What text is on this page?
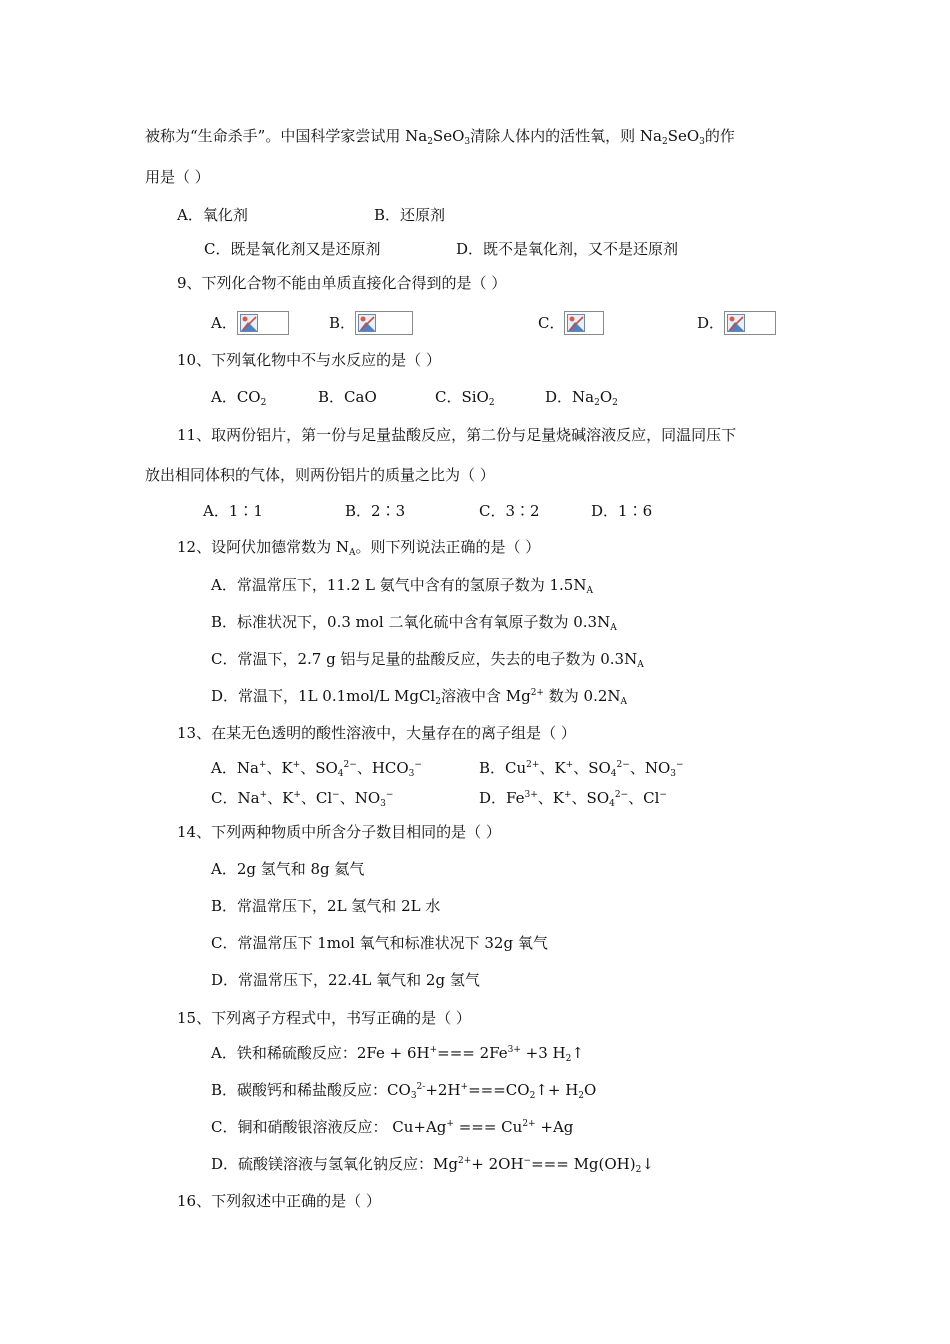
被称为“生命杀手”。中国科学家尝试用 $Na_2SeO_3$清除人体内的活性氧，则 $Na_2SeO_3$的作
用是（ ）
A．氧化剂	B．还原剂
C．既是氧化剂又是还原剂	D．既不是氧化剂，又不是还原剂
9、下列化合物不能由单质直接化合得到的是（ ）
A．	B．	C．	D．
10、下列氧化物中不与水反应的是（ ）
A．$CO_2$	B．CaO	C．SiO$_2$	D．$Na_2O_2$
11、取两份铝片，第一份与足量盐酸反应，第二份与足量烧碱溶液反应，同温同压下
放出相同体积的气体，则两份铝片的质量之比为（ ）
A．1∶1	B．2∶3	C．3∶2	D．1∶6
12、设阿伏加德常数为 $N_A$。则下列说法正确的是（ ）
A．常温常压下，11.2 L 氨气中含有的氢原子数为 $1.5N_A$
B．标准状况下，0.3 mol 二氧化硫中含有氧原子数为 $0.3N_A$
C．常温下，2.7 g 铝与足量的盐酸反应，失去的电子数为 $0.3N_A$
D．常温下，1L 0.1mol/L MgCl$_2$溶液中含 $Mg^{2+}$ 数为 $0.2N_A$
13、在某无色透明的酸性溶液中，大量存在的离子组是（ ）
A．Na+、K+、$SO_4^{2-}$、$HCO_3^-$	B．$Cu^{2+}$、K+、$SO_4^{2-}$、$NO_3^-$
C．Na+、K+、Cl−、$NO_3^-$	D．$Fe^{3+}$、K+、$SO_4^{2-}$、Cl−
14、下列两种物质中所含分子数目相同的是（ ）
A．2g 氢气和 8g 氦气
B．常温常压下，2L 氢气和 2L 水
C．常温常压下 1mol 氧气和标准状况下 32g 氧气
D．常温常压下，22.4L 氧气和 2g 氢气
15、下列离子方程式中，书写正确的是（ ）
A．铁和稀硫酸反应：$2Fe + 6H^+=== 2Fe^{3+} +3$ $H_2↑$
B．碳酸钙和稀盐酸反应：$CO_3^{2-}+2H^+===CO_2↑+ H_2O$
C．铜和硝酸银溶液反应： Cu+Ag+ === $Cu^{2+} +Ag$
D．硫酸镁溶液与氢氧化钠反应：$Mg^{2+}+ 2OH^-===$ $Mg(OH)_2↓$
16、下列叙述中正确的是（ ）
